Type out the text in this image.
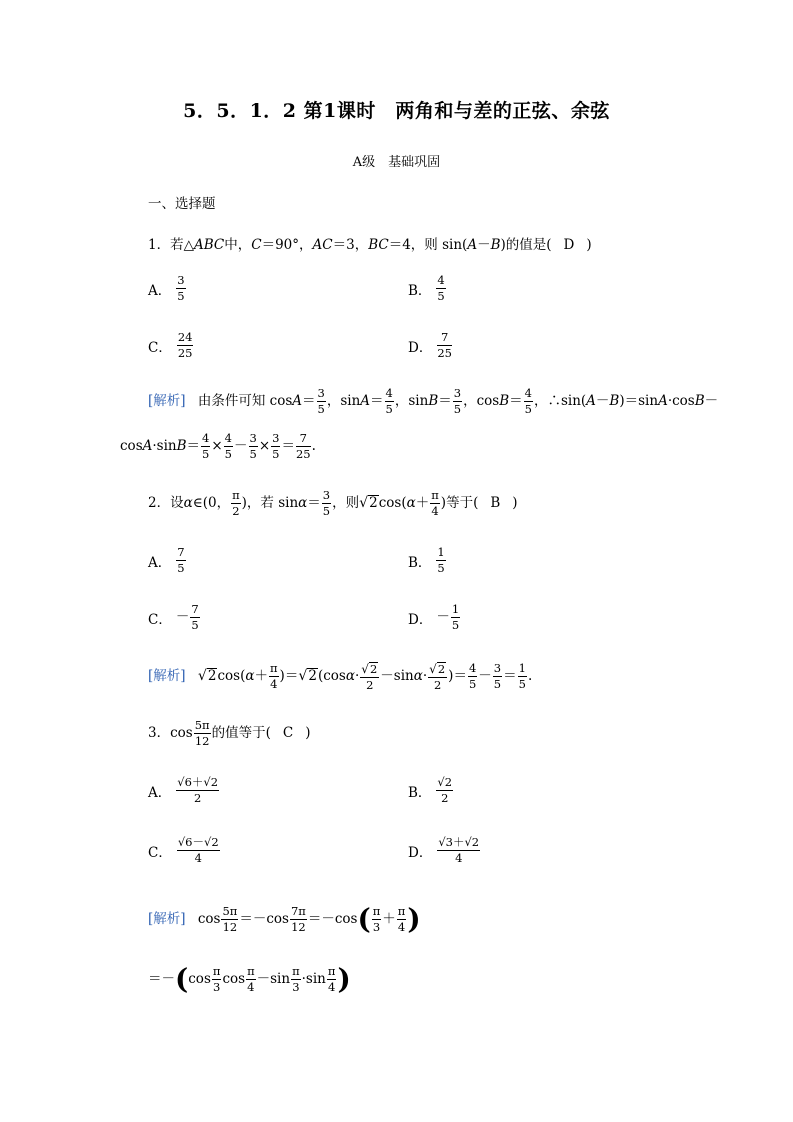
5．5．1．2 第1课时　两角和与差的正弦、余弦
A级　基础巩固
一、选择题
1．若△ABC中，C＝90°，AC＝3，BC＝4，则 sin(A－B)的值是( D )
A． $\frac{3}{5}$	B． $\frac{4}{5}$
C． $\frac{24}{25}$	D． $\frac{7}{25}$
[解析] 由条件可知 $\cos A= \frac{3}{5}$ ，$\sin A= \frac{4}{5}$ ，$\sin B= \frac{3}{5}$ ，$\cos B= \frac{4}{5}$ ，∴sin(A－B)＝sinA·cosB－
$\cos A\cdot\sin B= \frac{4}{5} \times \frac{4}{5} - \frac{3}{5} \times \frac{3}{5} = \frac{7}{25}$ .
2．设α∈(0， $\frac{\pi}{2}$ )，若 $\sin\alpha= \frac{3}{5}$ ，则$√2\cos(\alpha+ \frac{\pi}{4}$ )等于( B )
A． $\frac{7}{5}$	B． $\frac{1}{5}$
C． － $\frac{7}{5}$	D． － $\frac{1}{5}$
[解析] $√2\cos(\alpha+ \frac{\pi}{4} )=√2(\cos\alpha\cdot \frac{√2}{2} -\sin\alpha\cdot \frac{√2}{2}$ )＝ $\frac{4}{5} - \frac{3}{5} = \frac{1}{5}$ .
3．$\cos \frac{5\pi}{12}$ 的值等于( C )
A． $\frac{√6+√2}{2}$	B． $\frac{√2}{2}$
C． $\frac{√6-√2}{4}$	D． $\frac{√3+√2}{4}$
[解析] $\cos \frac{5\pi}{12} =-\cos \frac{7\pi}{12} =-\cos( \frac{\pi}{3} + \frac{\pi}{4}$ )
$=-(\cos \frac{\pi}{3}$ $\cos \frac{\pi}{4} -\sin \frac{\pi}{3} \cdot\sin \frac{\pi}{4}$ )
